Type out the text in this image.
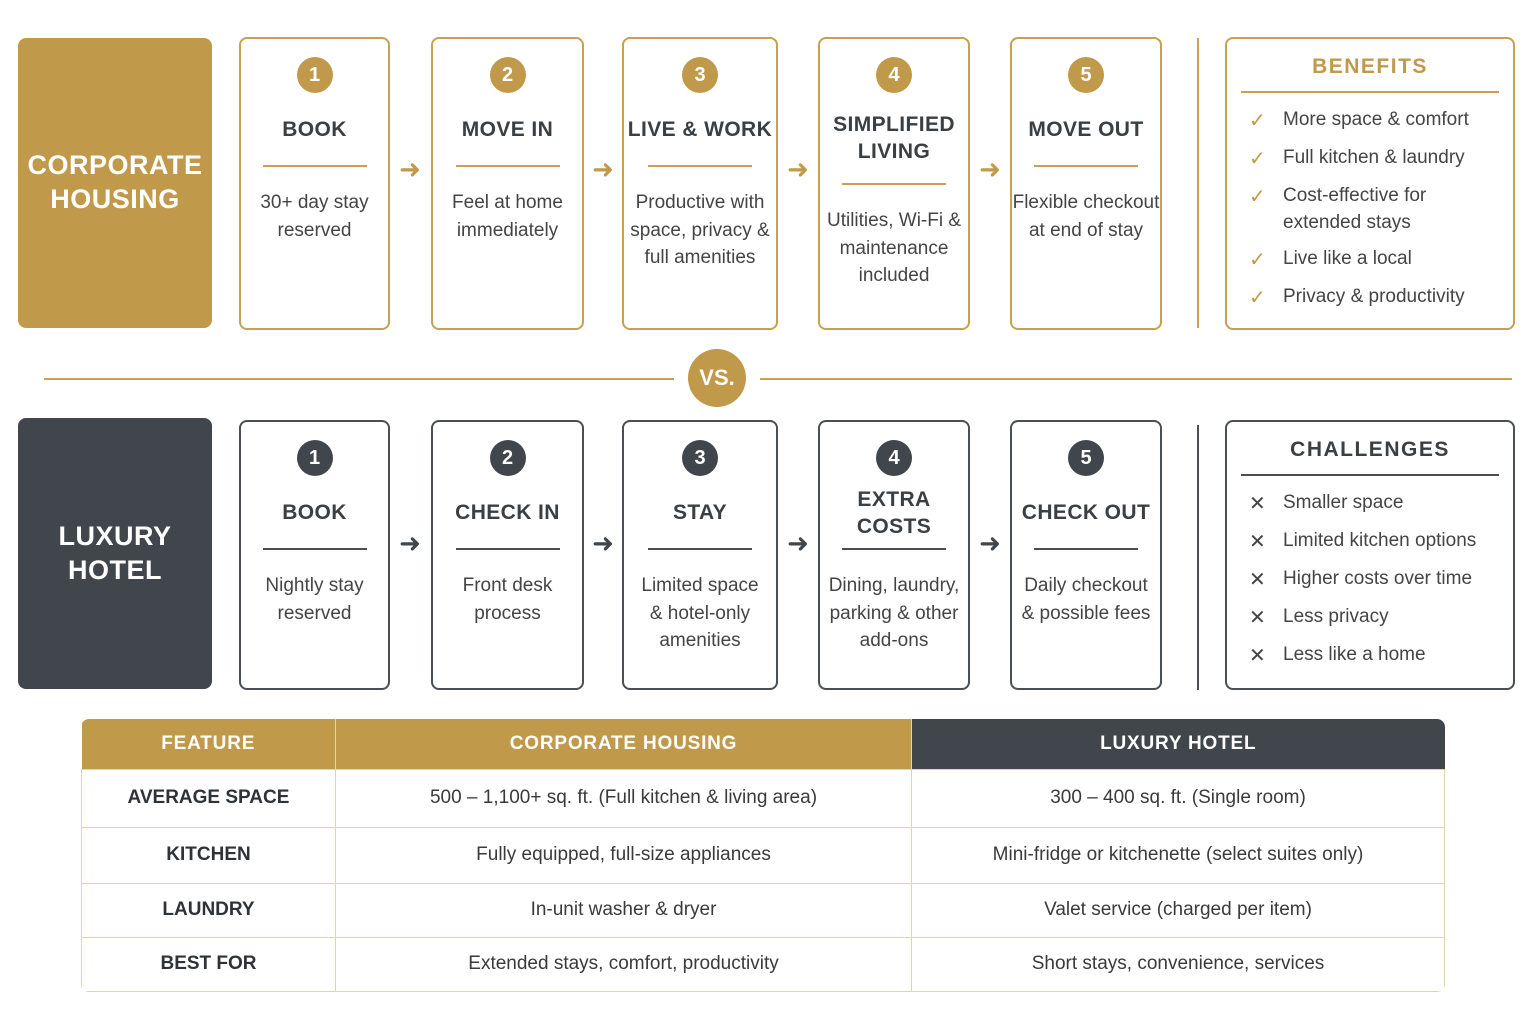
CORPORATE
HOUSING
1
BOOK
30+ day stay
reserved
➜
2
MOVE IN
Feel at home
immediately
➜
3
LIVE & WORK
Productive with
space, privacy &
full amenities
➜
4
SIMPLIFIED
LIVING
Utilities, Wi-Fi &
maintenance
included
➜
5
MOVE OUT
Flexible checkout
at end of stay
BENEFITS
✓ More space & comfort
✓ Full kitchen & laundry
✓ Cost-effective for
extended stays
✓ Live like a local
✓ Privacy & productivity
VS.
LUXURY
HOTEL
1
BOOK
Nightly stay
reserved
➜
2
CHECK IN
Front desk
process
➜
3
STAY
Limited space
& hotel-only
amenities
➜
4
EXTRA COSTS
Dining, laundry,
parking & other
add-ons
➜
5
CHECK OUT
Daily checkout
& possible fees
CHALLENGES
✕ Smaller space
✕ Limited kitchen options
✕ Higher costs over time
✕ Less privacy
✕ Less like a home
FEATURE	CORPORATE HOUSING	LUXURY HOTEL
AVERAGE SPACE	500 – 1,100+ sq. ft. (Full kitchen & living area)	300 – 400 sq. ft. (Single room)
KITCHEN	Fully equipped, full-size appliances	Mini-fridge or kitchenette (select suites only)
LAUNDRY	In-unit washer & dryer	Valet service (charged per item)
BEST FOR	Extended stays, comfort, productivity	Short stays, convenience, services
